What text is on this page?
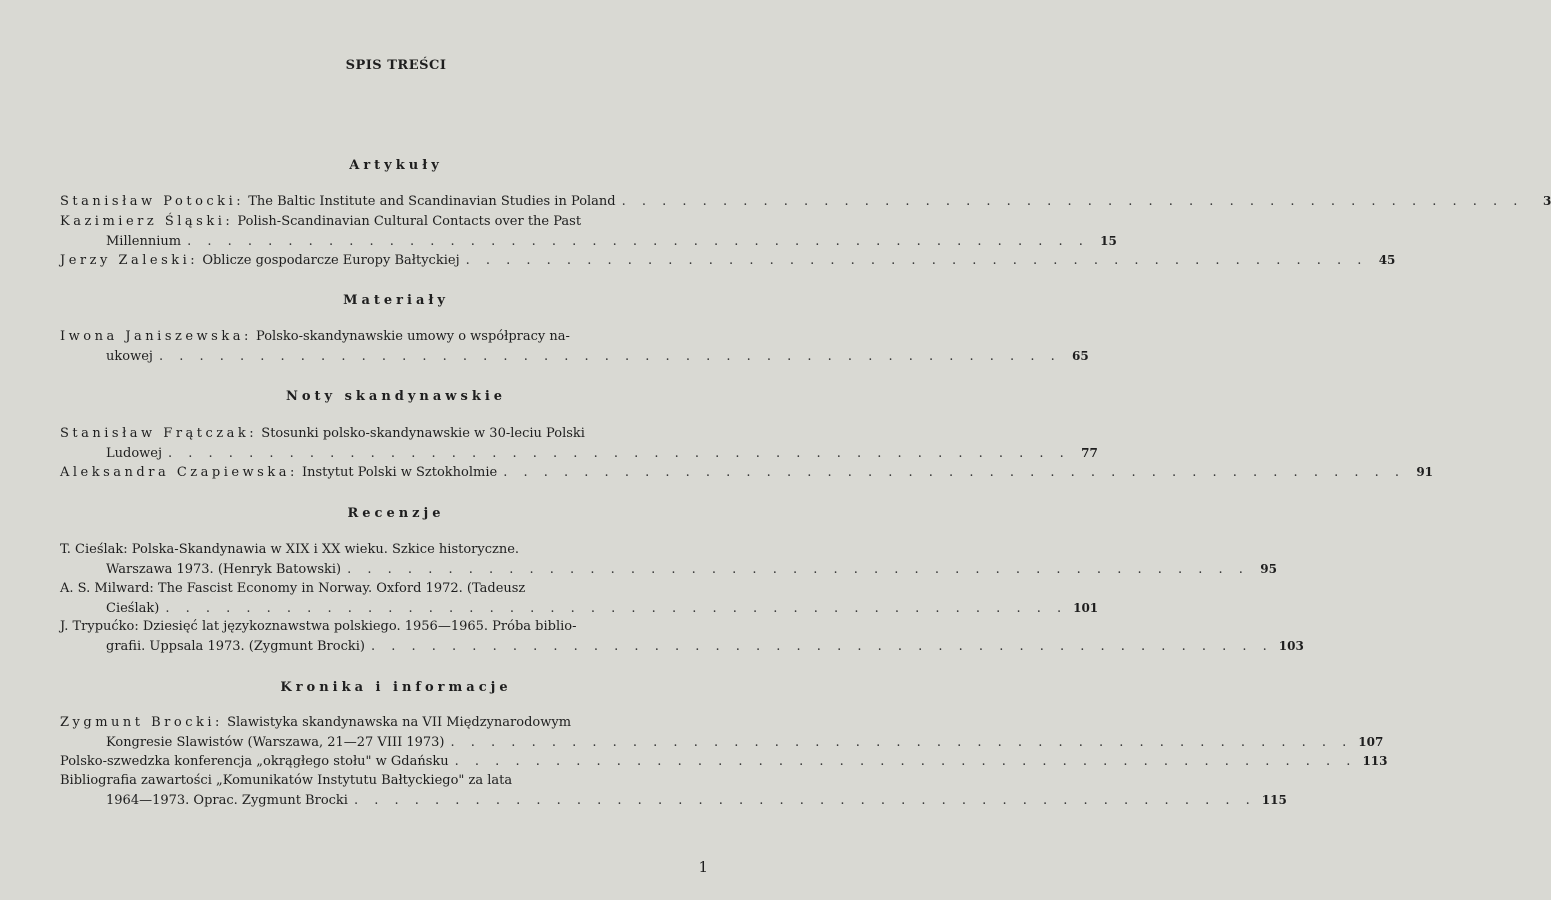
SPIS TREŚCI
Artykuły
Stanisław Potocki: The Baltic Institute and Scandinavian Studies in Poland . . . . . . . . . . . . . . . . . . . . . . . . . . . . . . . . . . . . . . . . . . . . .	3
Kazimierz Śląski: Polish-Scandinavian Cultural Contacts over the Past
Millennium . . . . . . . . . . . . . . . . . . . . . . . . . . . . . . . . . . . . . . . . . . . . . 15
Jerzy Zaleski: Oblicze gospodarcze Europy Bałtyckiej . . . . . . . . . . . . . . . . . . . . . . . . . . . . . . . . . . . . . . . . . . . . . 45
Materiały
Iwona Janiszewska: Polsko-skandynawskie umowy o współpracy na-
ukowej . . . . . . . . . . . . . . . . . . . . . . . . . . . . . . . . . . . . . . . . . . . . . 65
Noty skandynawskie
Stanisław Frątczak: Stosunki polsko-skandynawskie w 30-leciu Polski
Ludowej . . . . . . . . . . . . . . . . . . . . . . . . . . . . . . . . . . . . . . . . . . . . . 77
Aleksandra Czapiewska: Instytut Polski w Sztokholmie . . . . . . . . . . . . . . . . . . . . . . . . . . . . . . . . . . . . . . . . . . . . . 91
Recenzje
T. Cieślak: Polska-Skandynawia w XIX i XX wieku. Szkice historyczne.
Warszawa 1973. (Henryk Batowski) . . . . . . . . . . . . . . . . . . . . . . . . . . . . . . . . . . . . . . . . . . . . . 95
A. S. Milward: The Fascist Economy in Norway. Oxford 1972. (Tadeusz
Cieślak) . . . . . . . . . . . . . . . . . . . . . . . . . . . . . . . . . . . . . . . . . . . . . 101
J. Trypućko: Dziesięć lat językoznawstwa polskiego. 1956—1965. Próba biblio-
grafii. Uppsala 1973. (Zygmunt Brocki) . . . . . . . . . . . . . . . . . . . . . . . . . . . . . . . . . . . . . . . . . . . . . 103
Kronika i informacje
Zygmunt Brocki: Slawistyka skandynawska na VII Międzynarodowym
Kongresie Slawistów (Warszawa, 21—27 VIII 1973) . . . . . . . . . . . . . . . . . . . . . . . . . . . . . . . . . . . . . . . . . . . . . 107
Polsko-szwedzka konferencja „okrągłego stołu" w Gdańsku . . . . . . . . . . . . . . . . . . . . . . . . . . . . . . . . . . . . . . . . . . . . . 113
Bibliografia zawartości „Komunikatów Instytutu Bałtyckiego" za lata
1964—1973. Oprac. Zygmunt Brocki . . . . . . . . . . . . . . . . . . . . . . . . . . . . . . . . . . . . . . . . . . . . . 115
1
